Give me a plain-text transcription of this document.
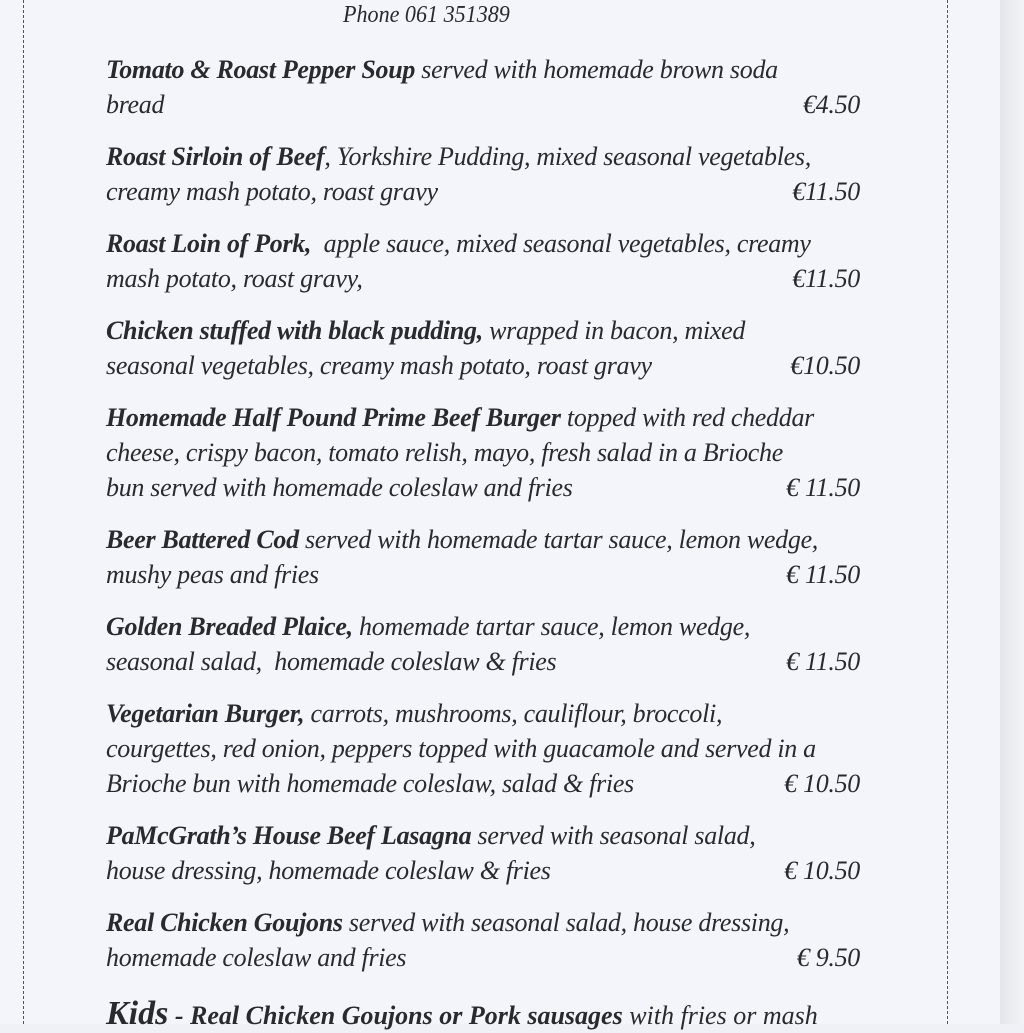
Phone 061 351389
Tomato & Roast Pepper Soup served with homemade brown soda
bread	€4.50
Roast Sirloin of Beef, Yorkshire Pudding, mixed seasonal vegetables,
creamy mash potato, roast gravy	€11.50
Roast Loin of Pork,  apple sauce, mixed seasonal vegetables, creamy
mash potato, roast gravy,	€11.50
Chicken stuffed with black pudding, wrapped in bacon, mixed
seasonal vegetables, creamy mash potato, roast gravy	€10.50
Homemade Half Pound Prime Beef Burger topped with red cheddar
cheese, crispy bacon, tomato relish, mayo, fresh salad in a Brioche
bun served with homemade coleslaw and fries	€ 11.50
Beer Battered Cod served with homemade tartar sauce, lemon wedge,
mushy peas and fries	€ 11.50
Golden Breaded Plaice, homemade tartar sauce, lemon wedge,
seasonal salad,  homemade coleslaw & fries	€ 11.50
Vegetarian Burger, carrots, mushrooms, cauliflour, broccoli,
courgettes, red onion, peppers topped with guacamole and served in a
Brioche bun with homemade coleslaw, salad & fries	€ 10.50
PaMcGrath’s House Beef Lasagna served with seasonal salad,
house dressing, homemade coleslaw & fries	€ 10.50
Real Chicken Goujons served with seasonal salad, house dressing,
homemade coleslaw and fries	€ 9.50
Kids - Real Chicken Goujons or Pork sausages with fries or mash
